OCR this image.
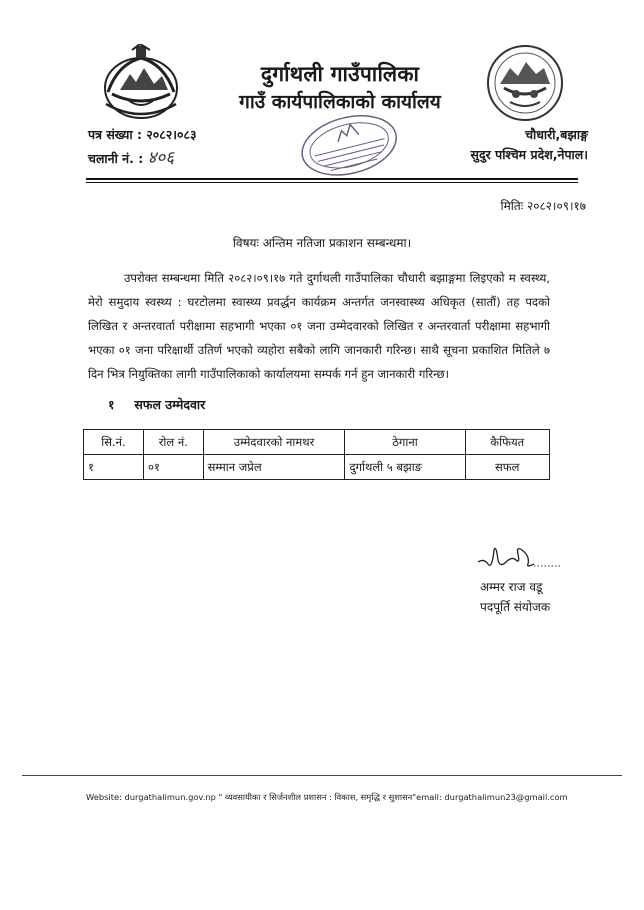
दुर्गाथली गाउँपालिका
गाउँ कार्यपालिकाको कार्यालय
पत्र संख्या : २०८२।०८३
चलानी नं. : ४०६
चौधारी,बझाङ्ग
सुदुर पश्चिम प्रदेश,नेपाल।
मितिः २०८२।०९।१७
विषयः अन्तिम नतिजा प्रकाशन सम्बन्धमा।
उपरोक्त सम्बन्धमा मिति २०८२।०९।१७ गते दुर्गाथली गाउँपालिका चौधारी बझाङ्गमा लिइएको म स्वस्थ्य, मेरो समुदाय स्वस्थ्य : घरटोलमा स्वास्थ्य प्रवर्द्धन कार्यक्रम अन्तर्गत जनस्वास्थ्य अधिकृत (सातौं) तह पदको लिखित र अन्तरवार्ता परीक्षामा सहभागी भएका ०१ जना उम्मेदवारको लिखित र अन्तरवार्ता परीक्षामा सहभागी भएका ०१ जना परिक्षार्थी उतिर्ण भएको व्यहोरा सबैको लागि जानकारी गरिन्छ। साथै सूचना प्रकाशित मितिले ७ दिन भित्र नियुक्तिका लागी गाउँपालिकाको कार्यालयमा सम्पर्क गर्न हुन जानकारी गरिन्छ।
१ सफल उम्मेदवार
सि.नं.	रोल नं.	उम्मेदवारको नामथर	ठेगाना	कैफियत
१	०१	सम्मान जप्रेल	दुर्गाथली ५ बझाङ	सफल
अम्मर राज वडू
पदपूर्ति संयोजक
Website: durgathalimun.gov.np " व्यवसायीका र सिर्जनशील प्रशासन : विकास, समृद्धि र सुशासन"email: durgathalimun23@gmail.com
